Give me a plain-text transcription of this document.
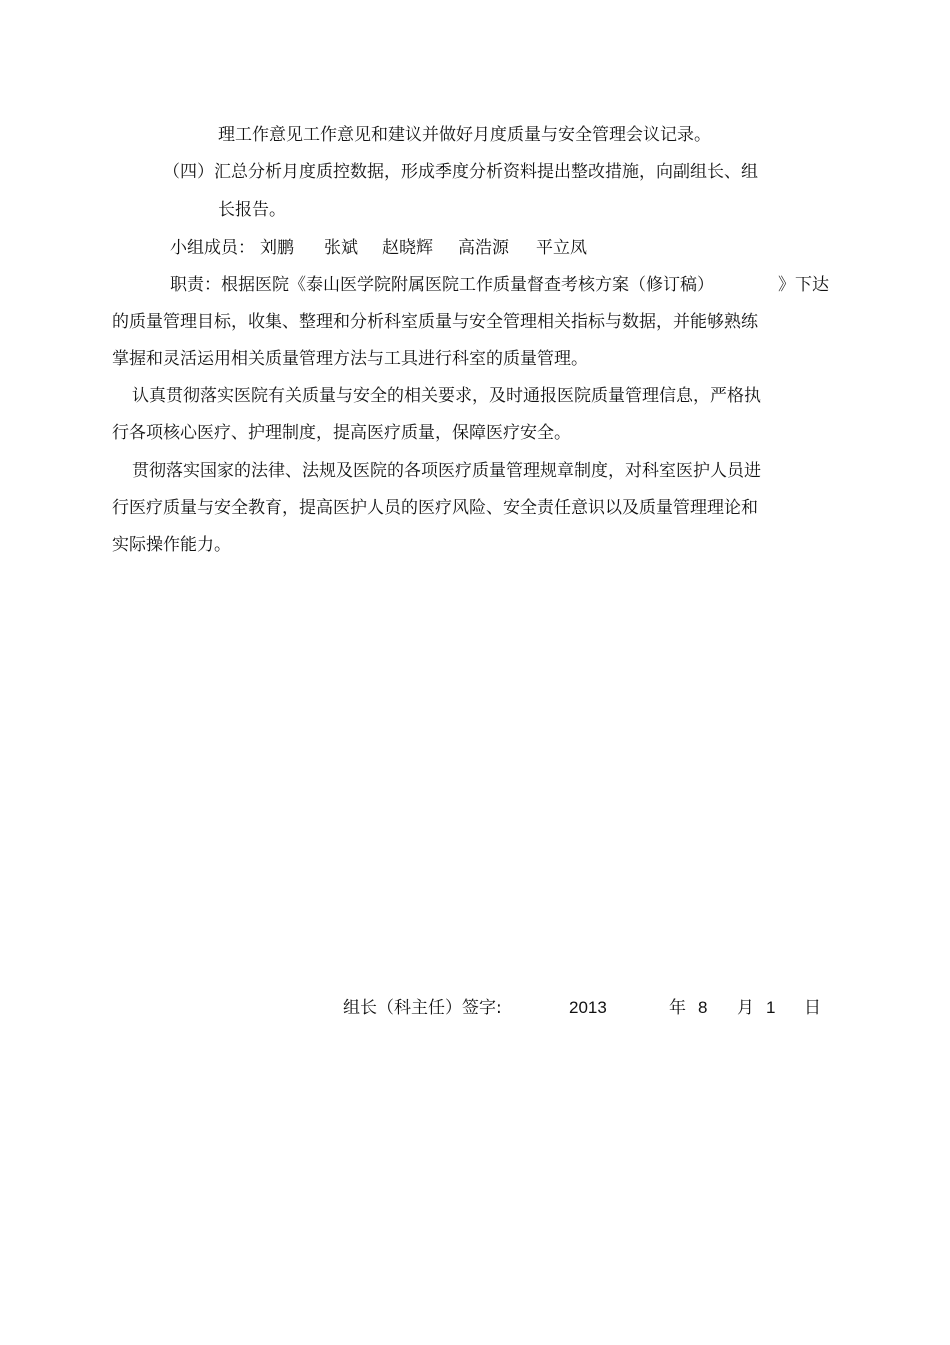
理工作意见工作意见和建议并做好月度质量与安全管理会议记录。
（四）汇总分析月度质控数据，形成季度分析资料提出整改措施，向副组长、组
长报告。
小组成员： 刘鹏 张斌 赵晓辉 高浩源 平立凤
职责：根据医院《泰山医学院附属医院工作质量督查考核方案（修订稿）	》下达
的质量管理目标，收集、整理和分析科室质量与安全管理相关指标与数据，并能够熟练
掌握和灵活运用相关质量管理方法与工具进行科室的质量管理。
认真贯彻落实医院有关质量与安全的相关要求，及时通报医院质量管理信息，严格执
行各项核心医疗、护理制度，提高医疗质量，保障医疗安全。
贯彻落实国家的法律、法规及医院的各项医疗质量管理规章制度，对科室医护人员进
行医疗质量与安全教育，提高医护人员的医疗风险、安全责任意识以及质量管理理论和
实际操作能力。
组长（科主任）签字:	2013	年 8 月 1 日
